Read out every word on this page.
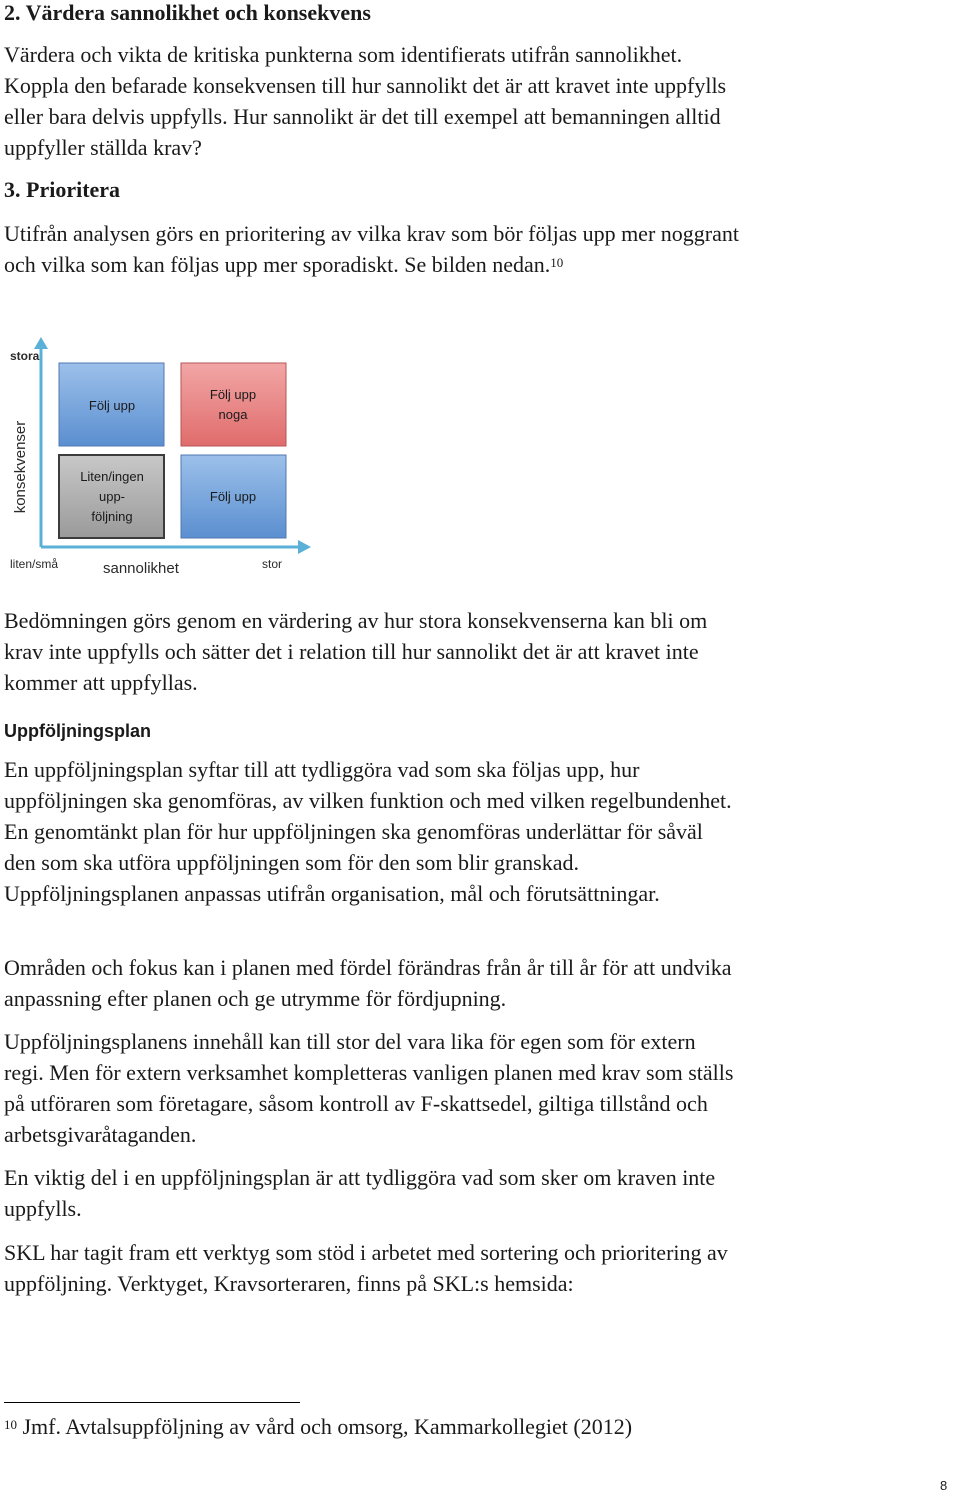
2. Värdera sannolikhet och konsekvens

Värdera och vikta de kritiska punkterna som identifierats utifrån sannolikhet. Koppla den befarade konsekvensen till hur sannolikt det är att kravet inte uppfylls eller bara delvis uppfylls. Hur sannolikt är det till exempel att bemanningen alltid uppfyller ställda krav?

3. Prioritera

Utifrån analysen görs en prioritering av vilka krav som bör följas upp mer noggrant och vilka som kan följas upp mer sporadiskt. Se bilden nedan.$^{10}$

Följ upp
Följ upp
noga
Liten/ingen
upp-
följning
Följ upp
stora
konsekvenser
liten/små	sannolikhet	stor

Bedömningen görs genom en värdering av hur stora konsekvenserna kan bli om krav inte uppfylls och sätter det i relation till hur sannolikt det är att kravet inte kommer att uppfyllas.

Uppföljningsplan

En uppföljningsplan syftar till att tydliggöra vad som ska följas upp, hur uppföljningen ska genomföras, av vilken funktion och med vilken regelbundenhet. En genomtänkt plan för hur uppföljningen ska genomföras underlättar för såväl den som ska utföra uppföljningen som för den som blir granskad. Uppföljningsplanen anpassas utifrån organisation, mål och förutsättningar.

Områden och fokus kan i planen med fördel förändras från år till år för att undvika anpassning efter planen och ge utrymme för fördjupning.

Uppföljningsplanens innehåll kan till stor del vara lika för egen som för extern regi. Men för extern verksamhet kompletteras vanligen planen med krav som ställs på utföraren som företagare, såsom kontroll av F-skattsedel, giltiga tillstånd och arbetsgivaråtaganden.

En viktig del i en uppföljningsplan är att tydliggöra vad som sker om kraven inte uppfylls.

SKL har tagit fram ett verktyg som stöd i arbetet med sortering och prioritering av uppföljning. Verktyget, Kravsorteraren, finns på SKL:s hemsida:

$^{10}$ Jmf. Avtalsuppföljning av vård och omsorg, Kammarkollegiet (2012)

8
